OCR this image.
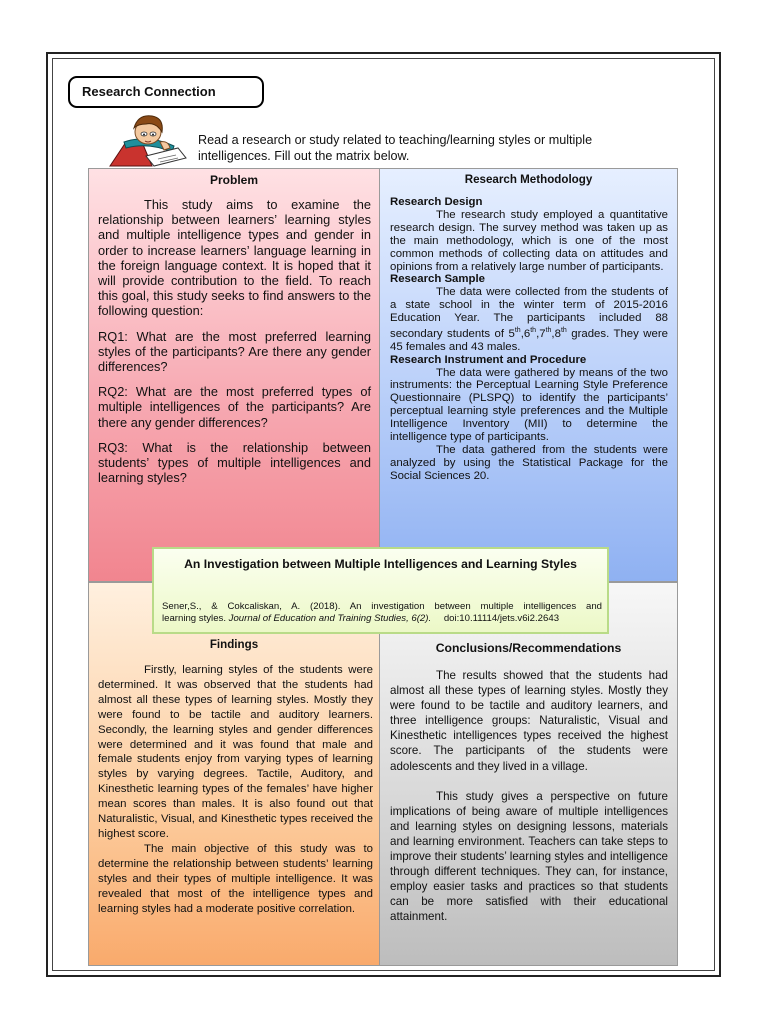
Research Connection
Read a research or study related to teaching/learning styles or multiple intelligences. Fill out the matrix below.
Problem

This study aims to examine the relationship between learners’ learning styles and multiple intelligence types and gender in order to increase learners’ language learning in the foreign language context. It is hoped that it will provide contribution to the field. To reach this goal, this study seeks to find answers to the following question:

RQ1: What are the most preferred learning styles of the participants? Are there any gender differences?

RQ2: What are the most preferred types of multiple intelligences of the participants? Are there any gender differences?

RQ3: What is the relationship between students’ types of multiple intelligences and learning styles?

Research Methodology

Research Design

The research study employed a quantitative research design. The survey method was taken up as the main methodology, which is one of the most common methods of collecting data on attitudes and opinions from a relatively large number of participants.

Research Sample

The data were collected from the students of a state school in the winter term of 2015-2016 Education Year. The participants included 88 secondary students of 5th,6th,7th,8th grades. They were 45 females and 43 males.

Research Instrument and Procedure

The data were gathered by means of the two instruments: the Perceptual Learning Style Preference Questionnaire (PLSPQ) to identify the participants’ perceptual learning style preferences and the Multiple Intelligence Inventory (MII) to determine the intelligence type of participants.

The data gathered from the students were analyzed by using the Statistical Package for the Social Sciences 20.

Findings

Firstly, learning styles of the students were determined. It was observed that the students had almost all these types of learning styles. Mostly they were found to be tactile and auditory learners. Secondly, the learning styles and gender differences were determined and it was found that male and female students enjoy from varying types of learning styles by varying degrees. Tactile, Auditory, and Kinesthetic learning types of the females’ have higher mean scores than males. It is also found out that Naturalistic, Visual, and Kinesthetic types received the highest score.

The main objective of this study was to determine the relationship between students’ learning styles and their types of multiple intelligence. It was revealed that most of the intelligence types and learning styles had a moderate positive correlation.

Conclusions/Recommendations

The results showed that the students had almost all these types of learning styles. Mostly they were found to be tactile and auditory learners, and three intelligence groups: Naturalistic, Visual and Kinesthetic intelligences types received the highest score. The participants of the students were adolescents and they lived in a village.

This study gives a perspective on future implications of being aware of multiple intelligences and learning styles on designing lessons, materials and learning environment. Teachers can take steps to improve their students’ learning styles and intelligence through different techniques. They can, for instance, employ easier tasks and practices so that students can be more satisfied with their educational attainment.

An Investigation between Multiple Intelligences and Learning Styles
Sener,S., & Cokcaliskan, A. (2018). An investigation between multiple intelligences and
learning styles. Journal of Education and Training Studies, 6(2). doi:10.11114/jets.v6i2.2643
